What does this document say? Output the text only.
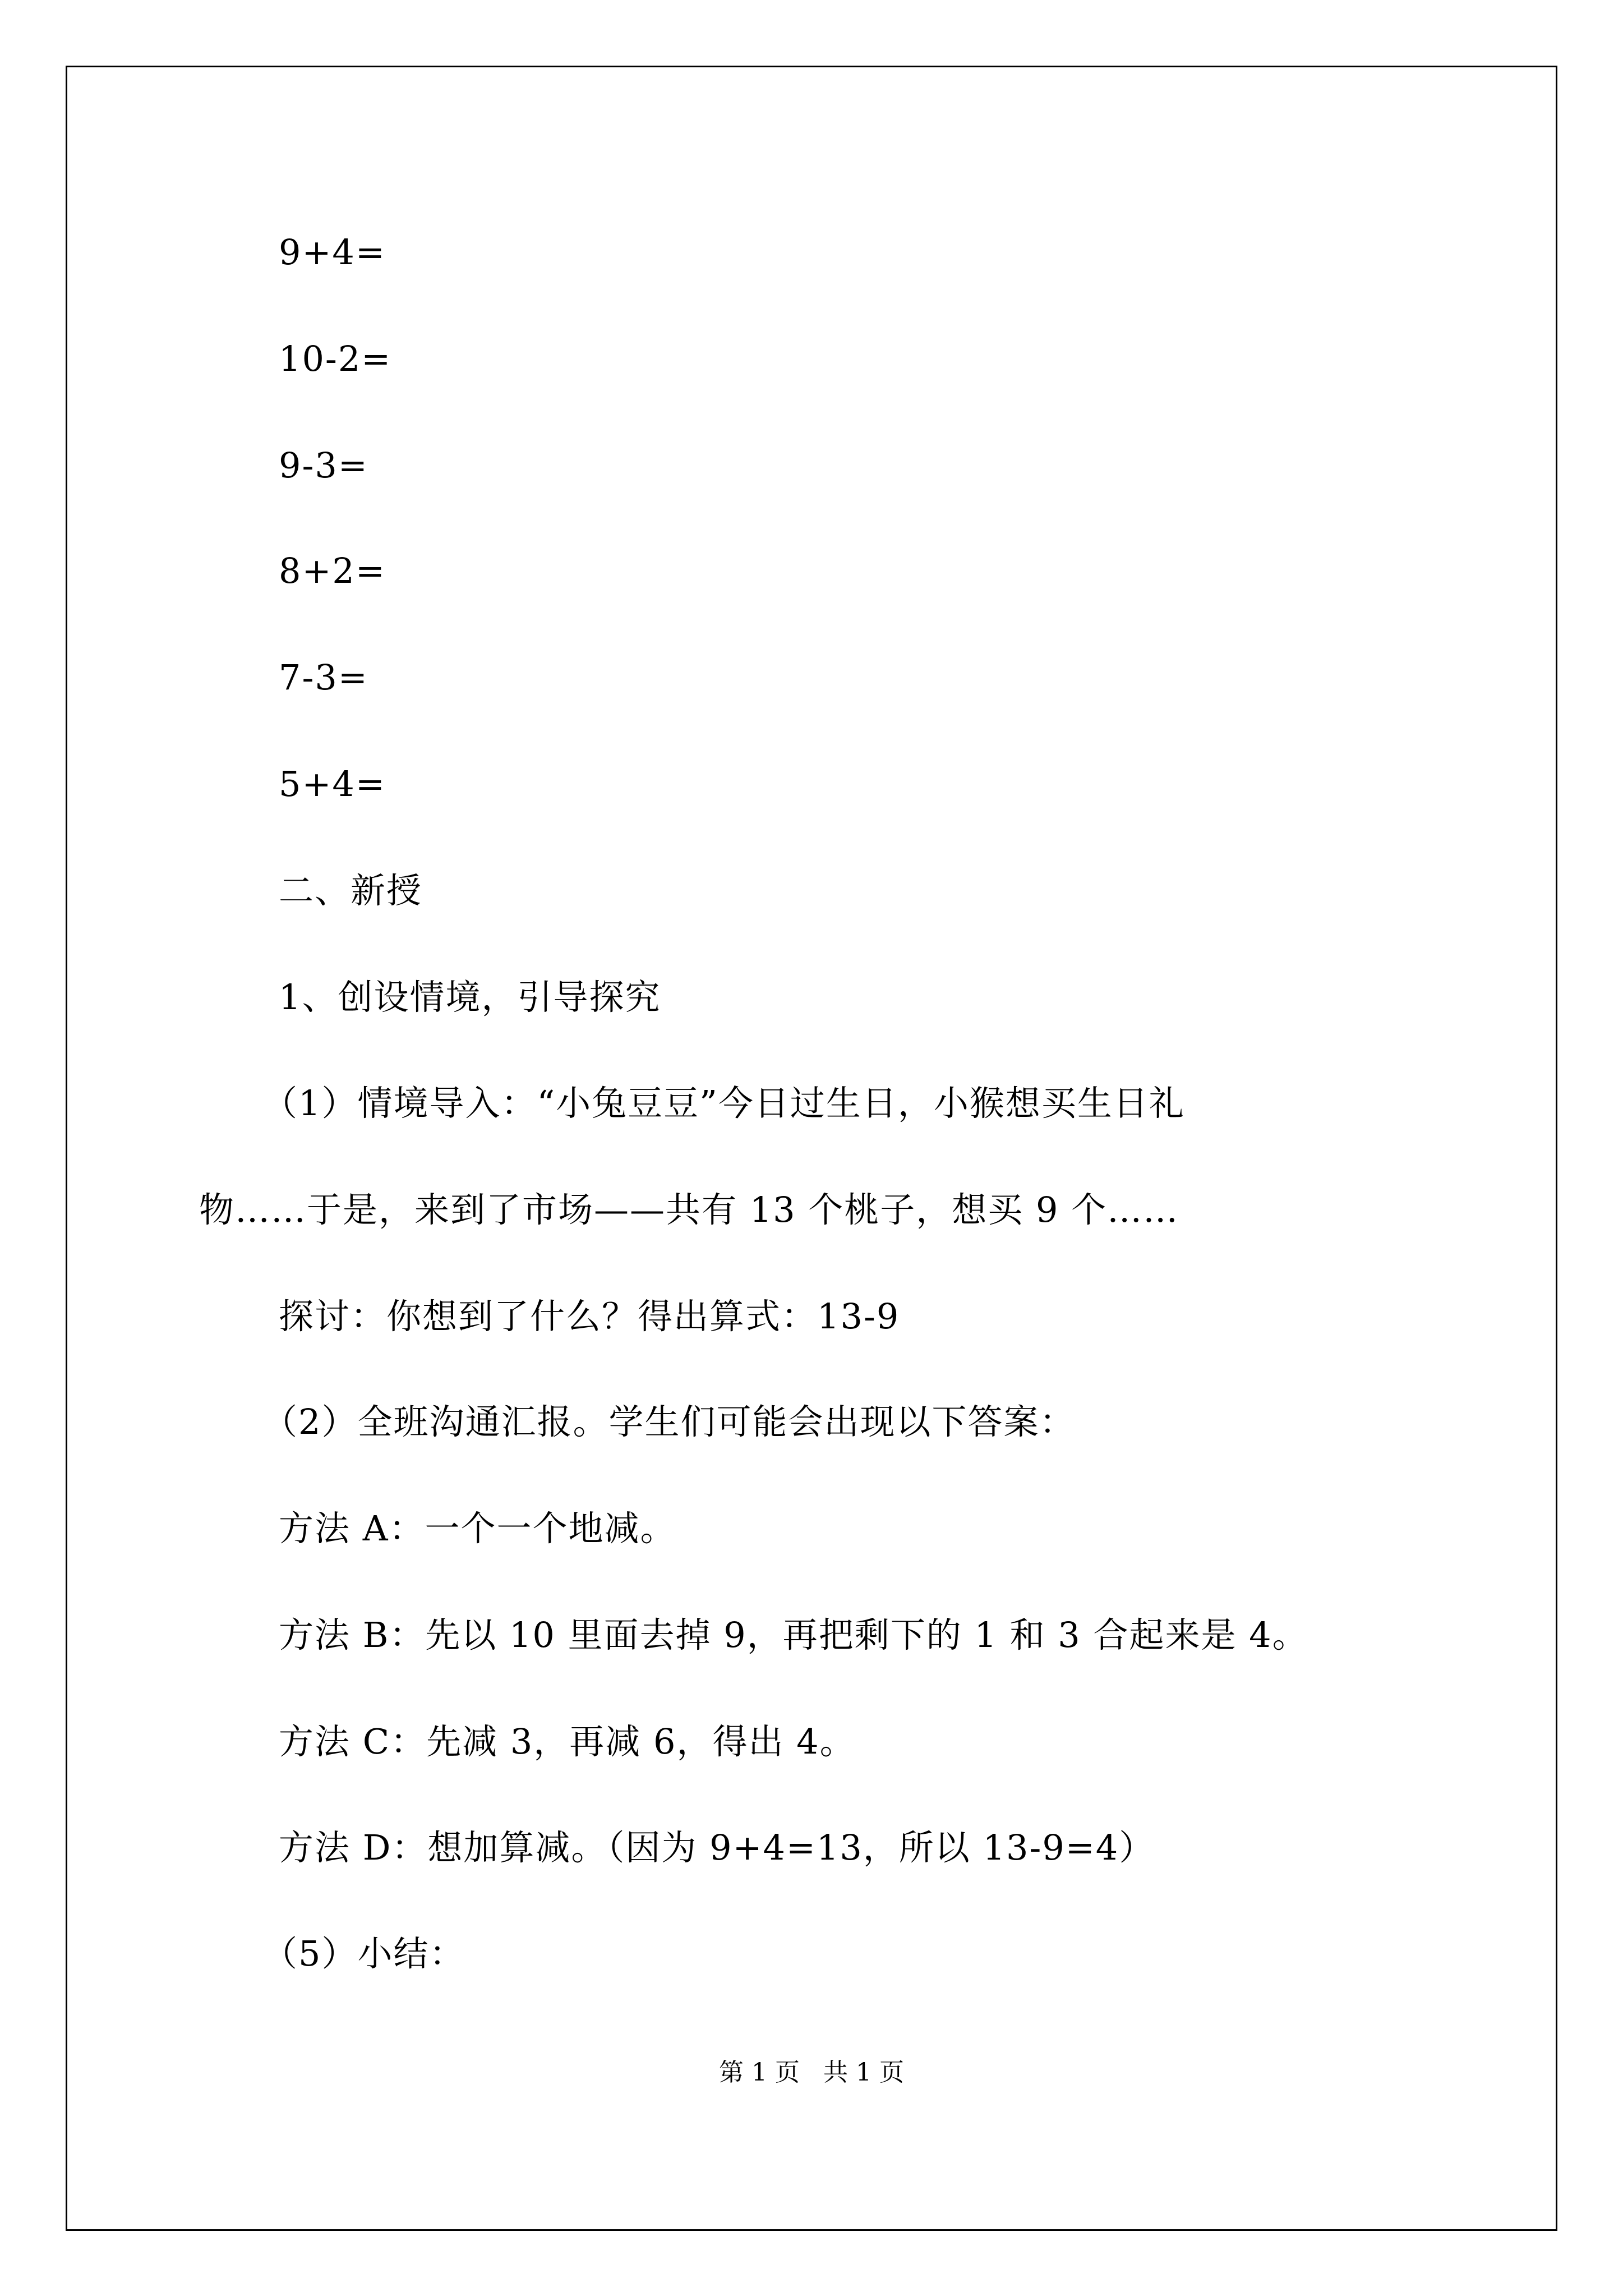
9+4=
10-2=
9-3=
8+2=
7-3=
5+4=
二、新授
1、创设情境，引导探究
（1）情境导入：“小兔豆豆”今日过生日，小猴想买生日礼
物……于是，来到了市场——共有 13 个桃子，想买 9 个……
探讨：你想到了什么？得出算式：13-9
（2）全班沟通汇报。学生们可能会出现以下答案：
方法 A：一个一个地减。
方法 B：先以 10 里面去掉 9，再把剩下的 1 和 3 合起来是 4。
方法 C：先减 3，再减 6，得出 4。
方法 D：想加算减。（因为 9+4=13，所以 13-9=4）
（5）小结：
第 1 页   共 1 页
